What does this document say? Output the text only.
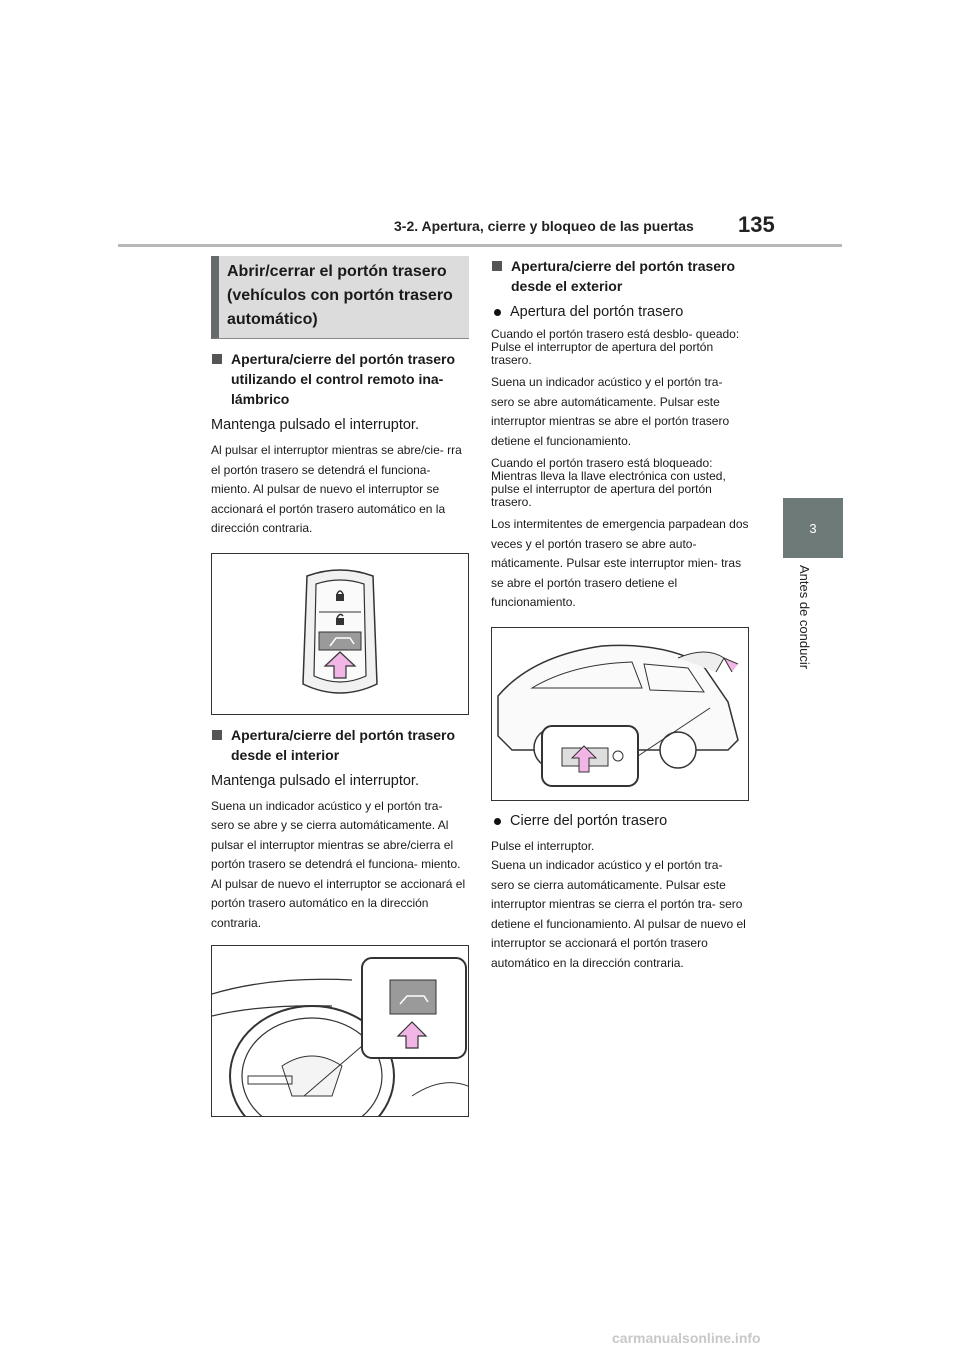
3-2. Apertura, cierre y bloqueo de las puertas 135
3
Antes de conducir
Abrir/cerrar el portón trasero (vehículos con portón trasero automático)
Apertura/cierre del portón trasero utilizando el control remoto ina- lámbrico
Mantenga pulsado el interruptor.
Al pulsar el interruptor mientras se abre/cie- rra el portón trasero se detendrá el funciona- miento. Al pulsar de nuevo el interruptor se accionará el portón trasero automático en la dirección contraria.
Apertura/cierre del portón trasero desde el interior
Mantenga pulsado el interruptor.
Suena un indicador acústico y el portón tra- sero se abre y se cierra automáticamente. Al pulsar el interruptor mientras se abre/cierra el portón trasero se detendrá el funciona- miento. Al pulsar de nuevo el interruptor se accionará el portón trasero automático en la dirección contraria.
Apertura/cierre del portón trasero desde el exterior
Apertura del portón trasero
Cuando el portón trasero está desblo- queado: Pulse el interruptor de apertura del portón trasero.
Suena un indicador acústico y el portón tra- sero se abre automáticamente. Pulsar este interruptor mientras se abre el portón trasero detiene el funcionamiento.
Cuando el portón trasero está bloqueado: Mientras lleva la llave electrónica con usted, pulse el interruptor de apertura del portón trasero.
Los intermitentes de emergencia parpadean dos veces y el portón trasero se abre auto- máticamente. Pulsar este interruptor mien- tras se abre el portón trasero detiene el funcionamiento.
Cierre del portón trasero
Pulse el interruptor.
Suena un indicador acústico y el portón tra- sero se cierra automáticamente. Pulsar este interruptor mientras se cierra el portón tra- sero detiene el funcionamiento. Al pulsar de nuevo el interruptor se accionará el portón trasero automático en la dirección contraria.
carmanualsonline.info
